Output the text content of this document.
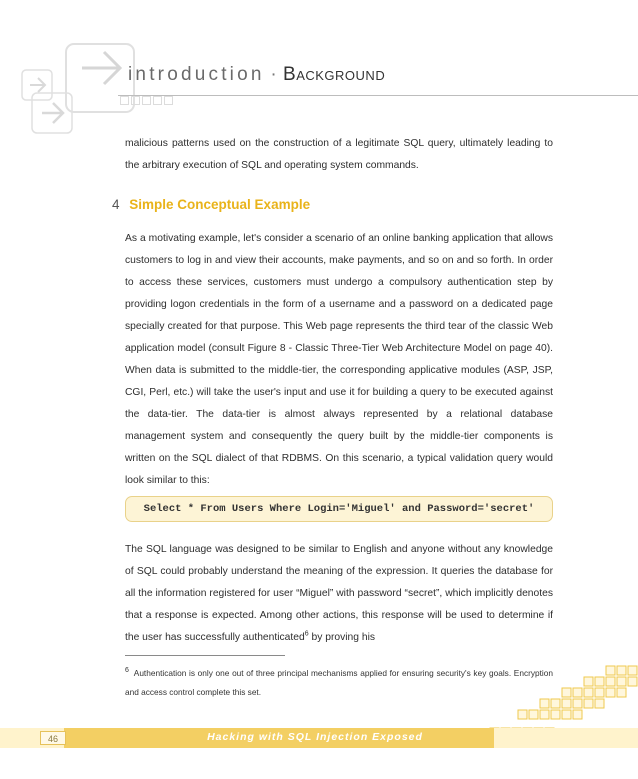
introduction · Background

malicious patterns used on the construction of a legitimate SQL query, ultimately leading to the arbitrary execution of SQL and operating system commands.

4 Simple Conceptual Example

As a motivating example, let's consider a scenario of an online banking application that allows customers to log in and view their accounts, make payments, and so on and so forth. In order to access these services, customers must undergo a compulsory authentication step by providing logon credentials in the form of a username and a password on a dedicated page specially created for that purpose. This Web page represents the third tear of the classic Web application model (consult Figure 8 - Classic Three-Tier Web Architecture Model on page 40). When data is submitted to the middle-tier, the corresponding applicative modules (ASP, JSP, CGI, Perl, etc.) will take the user's input and use it for building a query to be executed against the data-tier. The data-tier is almost always represented by a relational database management system and consequently the query built by the middle-tier components is written on the SQL dialect of that RDBMS. On this scenario, a typical validation query would look similar to this:

Select * From Users Where Login='Miguel' and Password='secret'

The SQL language was designed to be similar to English and anyone without any knowledge of SQL could probably understand the meaning of the expression. It queries the database for all the information registered for user “Miguel” with password “secret”, which implicitly denotes that a response is expected. Among other actions, this response will be used to determine if the user has successfully authenticated$^6$ by proving his

$^6$ Authentication is only one out of three principal mechanisms applied for ensuring security's key goals. Encryption and access control complete this set.

46	Hacking with SQL Injection Exposed
